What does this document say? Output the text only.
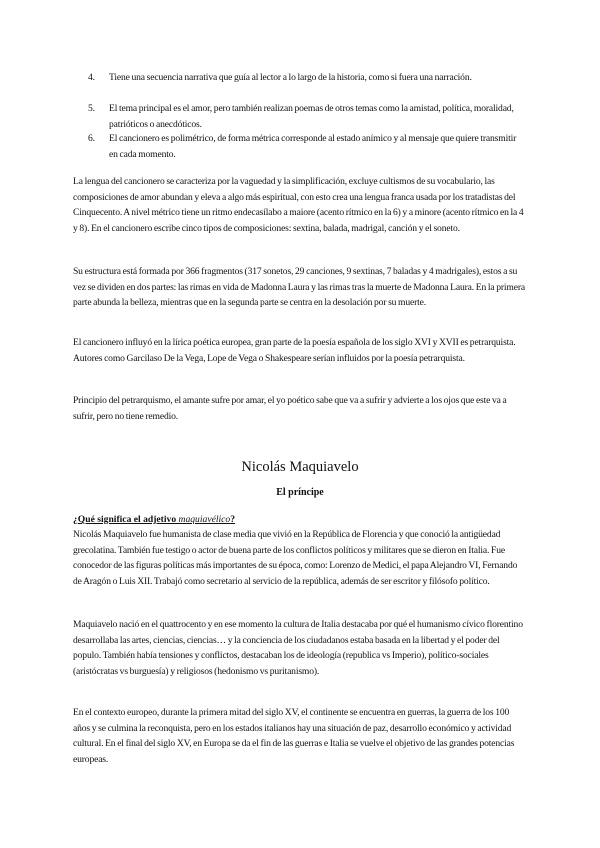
4.	Tiene una secuencia narrativa que guía al lector a lo largo de la historia, como si fuera una narración.
5.	El tema principal es el amor, pero también realizan poemas de otros temas como la amistad, política, moralidad, patrióticos o anecdóticos.
6.	El cancionero es polimétrico, de forma métrica corresponde al estado anímico y al mensaje que quiere transmitir en cada momento.

La lengua del cancionero se caracteriza por la vaguedad y la simplificación, excluye cultismos de su vocabulario, las composiciones de amor abundan y eleva a algo más espiritual, con esto crea una lengua franca usada por los tratadistas del Cinquecento. A nivel métrico tiene un ritmo endecasílabo a maiore (acento rítmico en la 6) y a minore (acento rítmico en la 4 y 8). En el cancionero escribe cinco tipos de composiciones: sextina, balada, madrigal, canción y el soneto.

Su estructura está formada por 366 fragmentos (317 sonetos, 29 canciones, 9 sextinas, 7 baladas y 4 madrigales), estos a su vez se dividen en dos partes: las rimas en vida de Madonna Laura y las rimas tras la muerte de Madonna Laura. En la primera parte abunda la belleza, mientras que en la segunda parte se centra en la desolación por su muerte.

El cancionero influyó en la lírica poética europea, gran parte de la poesía española de los siglo XVI y XVII es petrarquista. Autores como Garcilaso De la Vega, Lope de Vega o Shakespeare serían influidos por la poesía petrarquista.

Principio del petrarquismo, el amante sufre por amar, el yo poético sabe que va a sufrir y advierte a los ojos que este va a sufrir, pero no tiene remedio.

Nicolás Maquiavelo
El príncipe

¿Qué significa el adjetivo maquiavélico?

Nicolás Maquiavelo fue humanista de clase media que vivió en la República de Florencia y que conoció la antigüedad grecolatina. También fue testigo o actor de buena parte de los conflictos políticos y militares que se dieron en Italia. Fue conocedor de las figuras políticas más importantes de su época, como: Lorenzo de Medici, el papa Alejandro VI, Fernando de Aragón o Luis XII. Trabajó como secretario al servicio de la república, además de ser escritor y filósofo político.

Maquiavelo nació en el quattrocento y en ese momento la cultura de Italia destacaba por qué el humanismo cívico florentino desarrollaba las artes, ciencias, ciencias… y la conciencia de los ciudadanos estaba basada en la libertad y el poder del populo. También había tensiones y conflictos, destacaban los de ideología (republica vs Imperio), político-sociales (aristócratas vs burguesía) y religiosos (hedonismo vs puritanismo).

En el contexto europeo, durante la primera mitad del siglo XV, el continente se encuentra en guerras, la guerra de los 100 años y se culmina la reconquista, pero en los estados italianos hay una situación de paz, desarrollo económico y actividad cultural. En el final del siglo XV, en Europa se da el fin de las guerras e Italia se vuelve el objetivo de las grandes potencias europeas.
